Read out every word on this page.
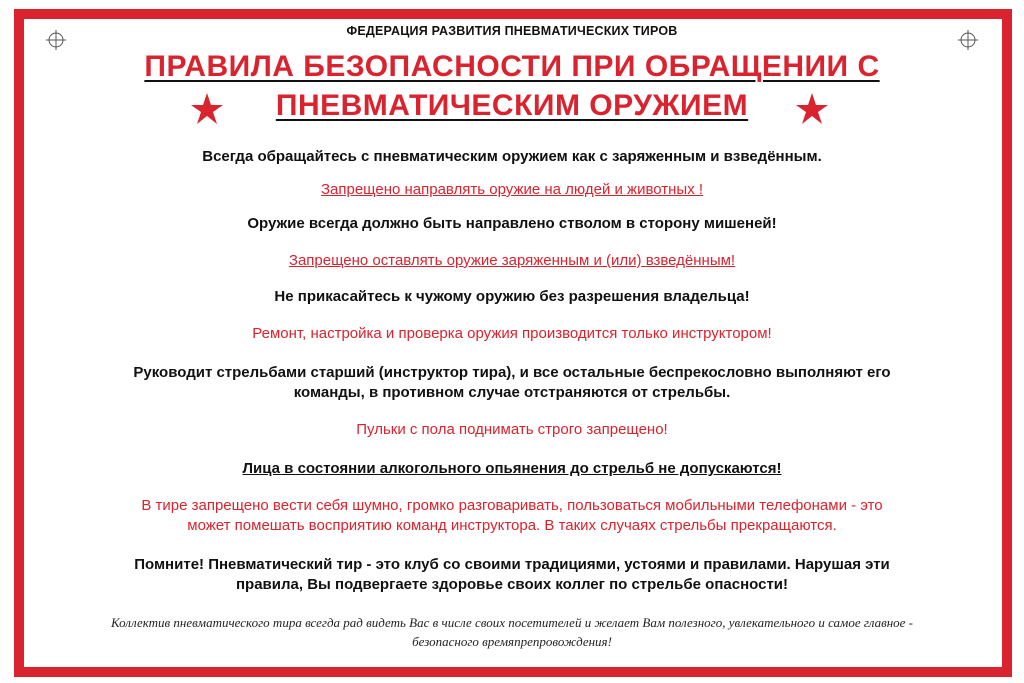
ФЕДЕРАЦИЯ РАЗВИТИЯ ПНЕВМАТИЧЕСКИХ ТИРОВ
ПРАВИЛА БЕЗОПАСНОСТИ ПРИ ОБРАЩЕНИИ С
ПНЕВМАТИЧЕСКИМ ОРУЖИЕМ
Всегда обращайтесь с пневматическим оружием как с заряженным и взведённым.
Запрещено направлять оружие на людей и животных !
Оружие всегда должно быть направлено стволом в сторону мишеней!
Запрещено оставлять оружие заряженным и (или) взведённым!
Не прикасайтесь к чужому оружию без разрешения владельца!
Ремонт, настройка и проверка оружия производится только инструктором!
Руководит стрельбами старший (инструктор тира), и все остальные беспрекословно выполняют его
команды, в противном случае отстраняются от стрельбы.
Пульки с пола поднимать строго запрещено!
Лица в состоянии алкогольного опьянения до стрельб не допускаются!
В тире запрещено вести себя шумно, громко разговаривать, пользоваться мобильными телефонами - это
может помешать восприятию команд инструктора. В таких случаях стрельбы прекращаются.
Помните! Пневматический тир - это клуб со своими традициями, устоями и правилами. Нарушая эти
правила, Вы подвергаете здоровье своих коллег по стрельбе опасности!
Коллектив пневматического тира всегда рад видеть Вас в числе своих посетителей и желает Вам полезного, увлекательного и самое главное -
безопасного времяпрепровождения!
